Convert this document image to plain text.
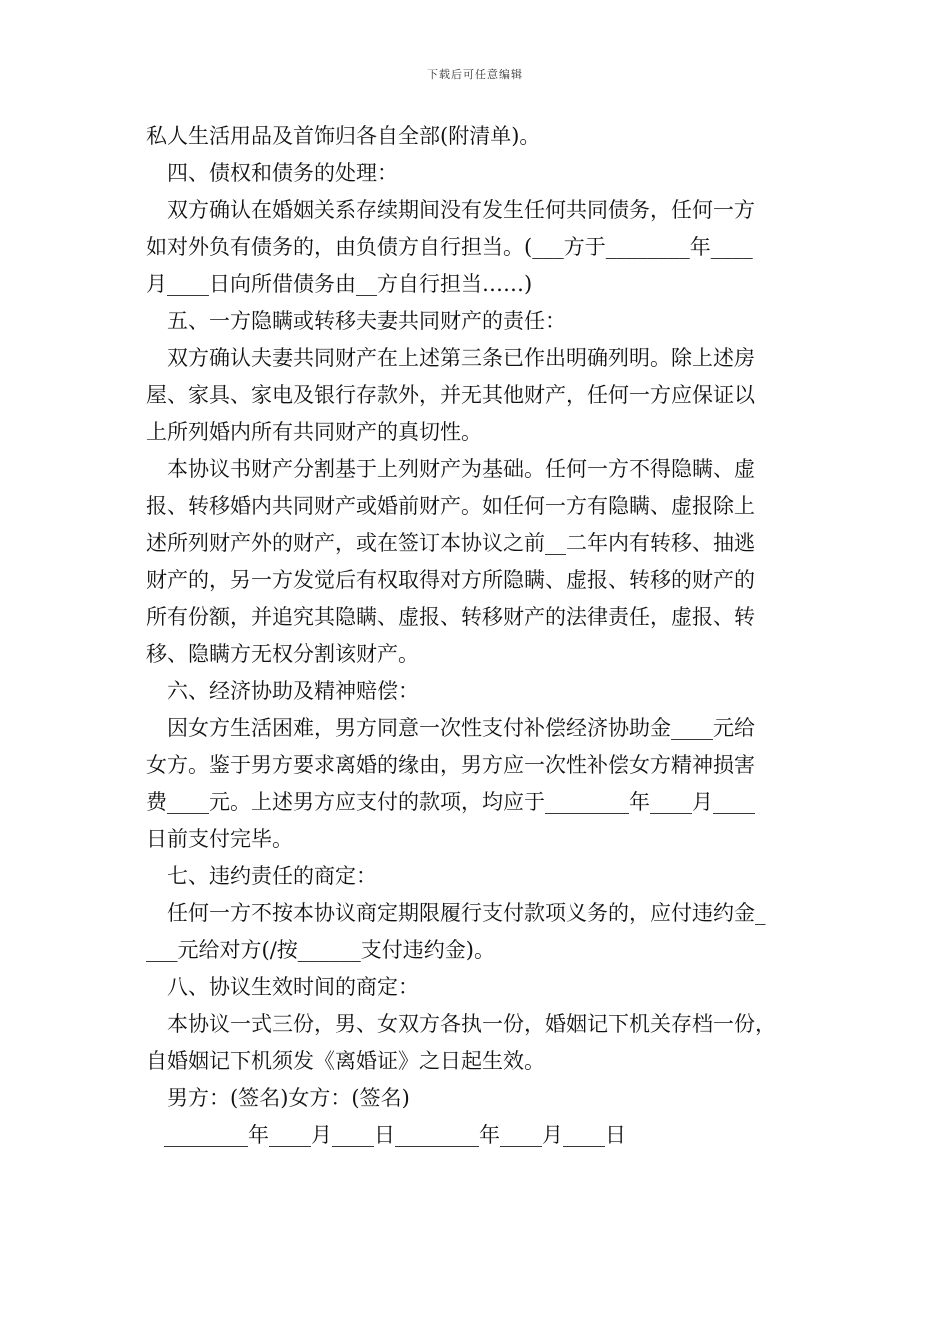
下载后可任意编辑
私人生活用品及首饰归各自全部(附清单)。
四、债权和债务的处理：
双方确认在婚姻关系存续期间没有发生任何共同债务，任何一方
如对外负有债务的，由负债方自行担当。(___方于________年____
月____日向所借债务由__方自行担当……)
五、一方隐瞒或转移夫妻共同财产的责任：
双方确认夫妻共同财产在上述第三条已作出明确列明。除上述房
屋、家具、家电及银行存款外，并无其他财产，任何一方应保证以
上所列婚内所有共同财产的真切性。
本协议书财产分割基于上列财产为基础。任何一方不得隐瞒、虚
报、转移婚内共同财产或婚前财产。如任何一方有隐瞒、虚报除上
述所列财产外的财产，或在签订本协议之前__二年内有转移、抽逃
财产的，另一方发觉后有权取得对方所隐瞒、虚报、转移的财产的
所有份额，并追究其隐瞒、虚报、转移财产的法律责任，虚报、转
移、隐瞒方无权分割该财产。
六、经济协助及精神赔偿：
因女方生活困难，男方同意一次性支付补偿经济协助金____元给
女方。鉴于男方要求离婚的缘由，男方应一次性补偿女方精神损害
费____元。上述男方应支付的款项，均应于________年____月____
日前支付完毕。
七、违约责任的商定：
任何一方不按本协议商定期限履行支付款项义务的，应付违约金_
___元给对方(/按______支付违约金)。
八、协议生效时间的商定：
本协议一式三份，男、女双方各执一份，婚姻记下机关存档一份，
自婚姻记下机须发《离婚证》之日起生效。
男方：(签名)女方：(签名)
________年____月____日________年____月____日
